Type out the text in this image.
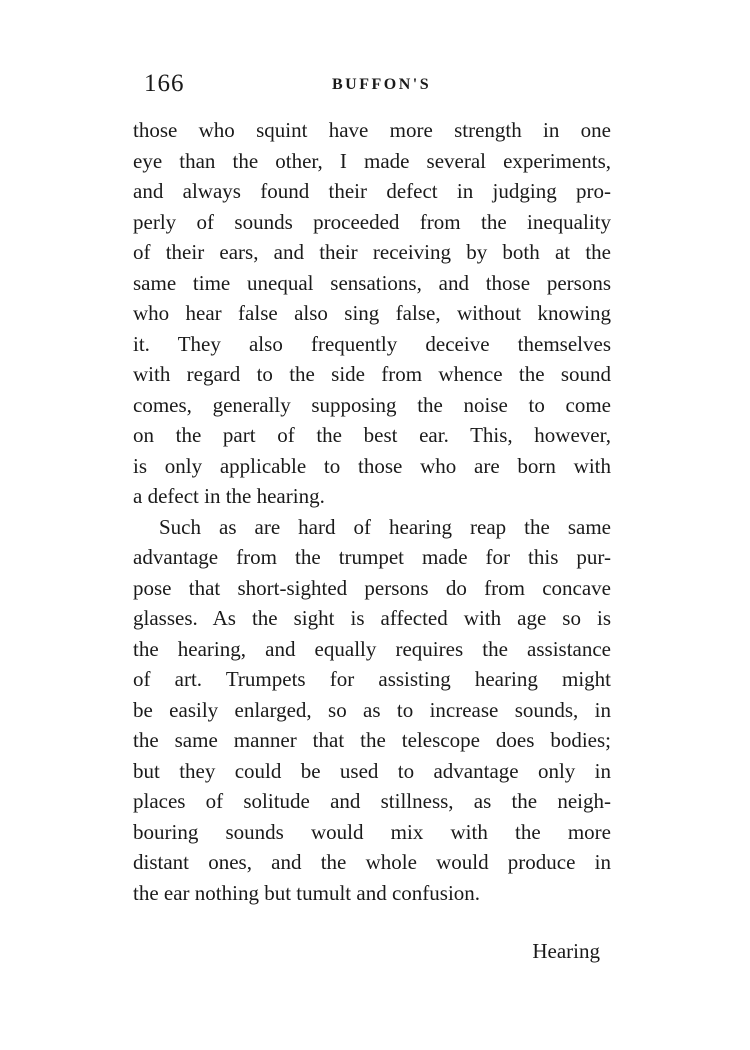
166	BUFFON'S
those who squint have more strength in one
eye than the other, I made several experiments,
and always found their defect in judging pro-
perly of sounds proceeded from the inequality
of their ears, and their receiving by both at the
same time unequal sensations, and those persons
who hear false also sing false, without knowing
it. They also frequently deceive themselves
with regard to the side from whence the sound
comes, generally supposing the noise to come
on the part of the best ear. This, however,
is only applicable to those who are born with
a defect in the hearing.
Such as are hard of hearing reap the same
advantage from the trumpet made for this pur-
pose that short-sighted persons do from concave
glasses. As the sight is affected with age so is
the hearing, and equally requires the assistance
of art. Trumpets for assisting hearing might
be easily enlarged, so as to increase sounds, in
the same manner that the telescope does bodies;
but they could be used to advantage only in
places of solitude and stillness, as the neigh-
bouring sounds would mix with the more
distant ones, and the whole would produce in
the ear nothing but tumult and confusion.
Hearing
